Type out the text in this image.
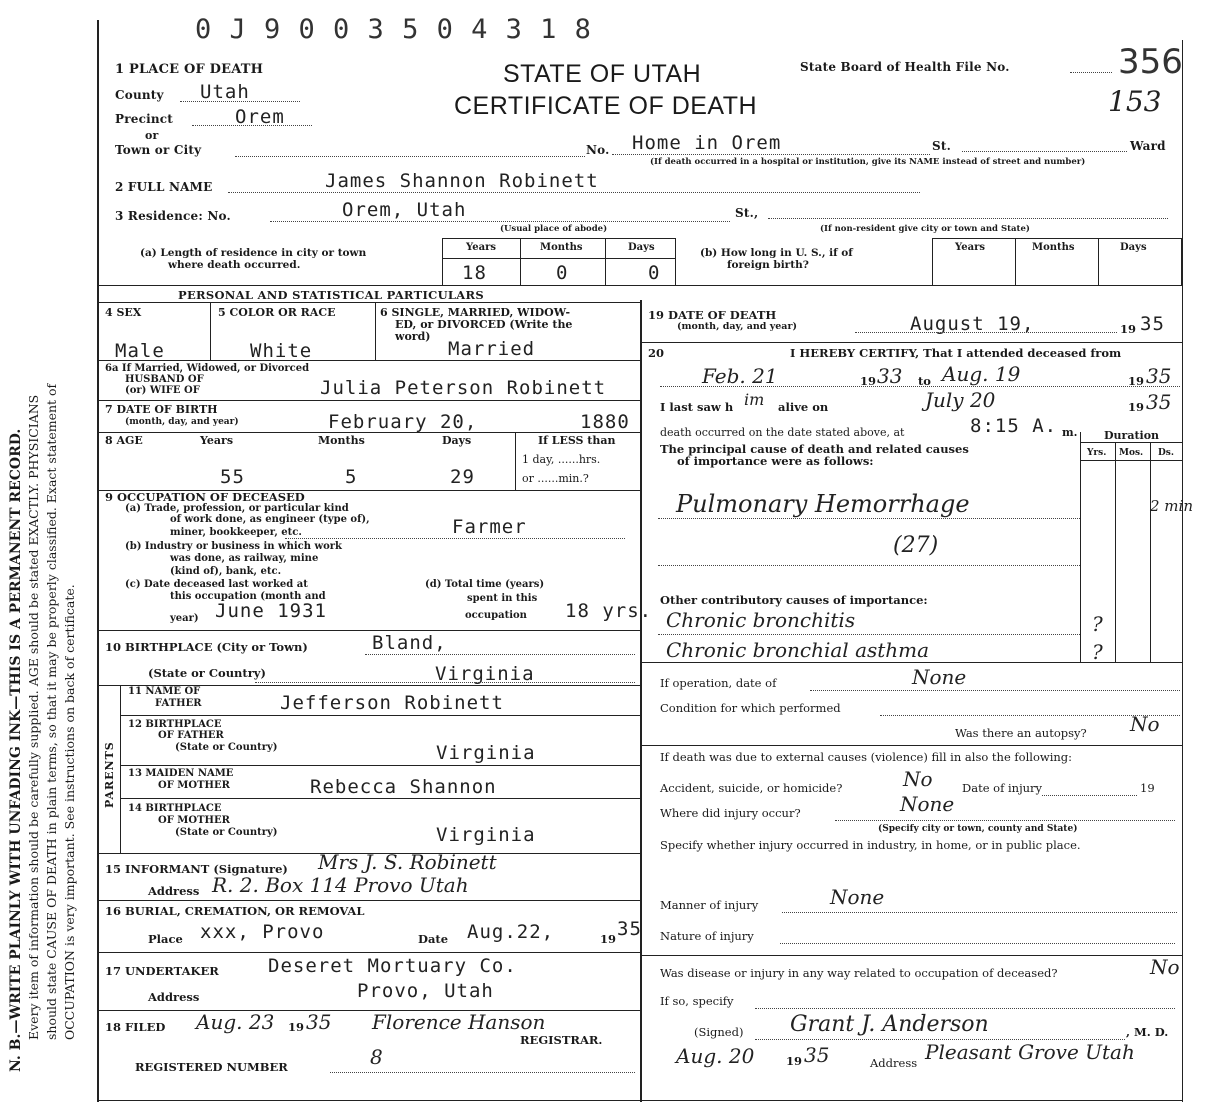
N. B.—WRITE PLAINLY WITH UNFADING INK—THIS IS A PERMANENT RECORD. Every item of information should be carefully supplied. AGE should be stated EXACTLY. PHYSICIANS should state CAUSE OF DEATH in plain terms, so that it may be properly classified. Exact statement of OCCUPATION is very important. See instructions on back of certificate.
0 J 9 0 0 3 5 0 4 3 1 8
STATE OF UTAH
CERTIFICATE OF DEATH
State Board of Health File No.	356
153
1 PLACE OF DEATH
County Utah
Precinct	Orem
or
Town or City	No. Home in Orem	St.	Ward
(If death occurred in a hospital or institution, give its NAME instead of street and number)
2 FULL NAME	James Shannon Robinett
3 Residence: No.	Orem, Utah	St.,
(Usual place of abode)	(If non-resident give city or town and State)
(a) Length of residence in city or town
where death occurred.
Years	Months	Days
18	0	0
(b) How long in U. S., if of
foreign birth?
Years	Months	Days
PERSONAL AND STATISTICAL PARTICULARS
4 SEX
Male
5 COLOR OR RACE
White
6 SINGLE, MARRIED, WIDOW-
ED, or DIVORCED (Write the
word)
Married
6a If Married, Widowed, or Divorced
HUSBAND OF
(or) WIFE OF	Julia Peterson Robinett
7 DATE OF BIRTH
(month, day, and year)	February 20,	1880
8 AGE	Years	Months	Days	If LESS than
1 day, ......hrs.
or ......min.?
55	5	29
9 OCCUPATION OF DECEASED
(a) Trade, profession, or particular kind
of work done, as engineer (type of),
miner, bookkeeper, etc.	Farmer
(b) Industry or business in which work
was done, as railway, mine
(kind of), bank, etc.
(c) Date deceased last worked at
this occupation (month and
year) June 1931
(d) Total time (years)
spent in this
occupation 18 yrs.
10 BIRTHPLACE (City or Town)	Bland,
(State or Country)	Virginia
PARENTS
11 NAME OF
FATHER	Jefferson Robinett
12 BIRTHPLACE
OF FATHER
(State or Country)	Virginia
13 MAIDEN NAME
OF MOTHER	Rebecca Shannon
14 BIRTHPLACE
OF MOTHER
(State or Country)	Virginia
15 INFORMANT (Signature) Mrs J. S. Robinett
Address R. 2. Box 114 Provo Utah
16 BURIAL, CREMATION, OR REMOVAL
Place xxx, Provo	Date Aug.22,	19 35
17 UNDERTAKER	Deseret Mortuary Co.
Address	Provo, Utah
18 FILED Aug. 23 19 35 Florence Hanson
REGISTRAR.
REGISTERED NUMBER	8
19 DATE OF DEATH
(month, day, and year)	August 19,	19 35
20	I HEREBY CERTIFY, That I attended deceased from
Feb. 21	19 33 to Aug. 19	19 35
I last saw h im alive on	July 20	19 35
death occurred on the date stated above, at	8:15 A. m. Duration
Yrs. Mos. Ds.
The principal cause of death and related causes
of importance were as follows:
Pulmonary Hemorrhage	2 min
(27)
Other contributory causes of importance:
Chronic bronchitis	?
Chronic bronchial asthma	?
If operation, date of	None
Condition for which performed
Was there an autopsy? No
If death was due to external causes (violence) fill in also the following:
Accident, suicide, or homicide?	No	Date of injury	19
Where did injury occur?	None
(Specify city or town, county and State)
Specify whether injury occurred in industry, in home, or in public place.
Manner of injury	None
Nature of injury
Was disease or injury in any way related to occupation of deceased?	No
If so, specify
(Signed) Grant J. Anderson	, M. D.
Aug. 20	19 35	Address Pleasant Grove Utah
